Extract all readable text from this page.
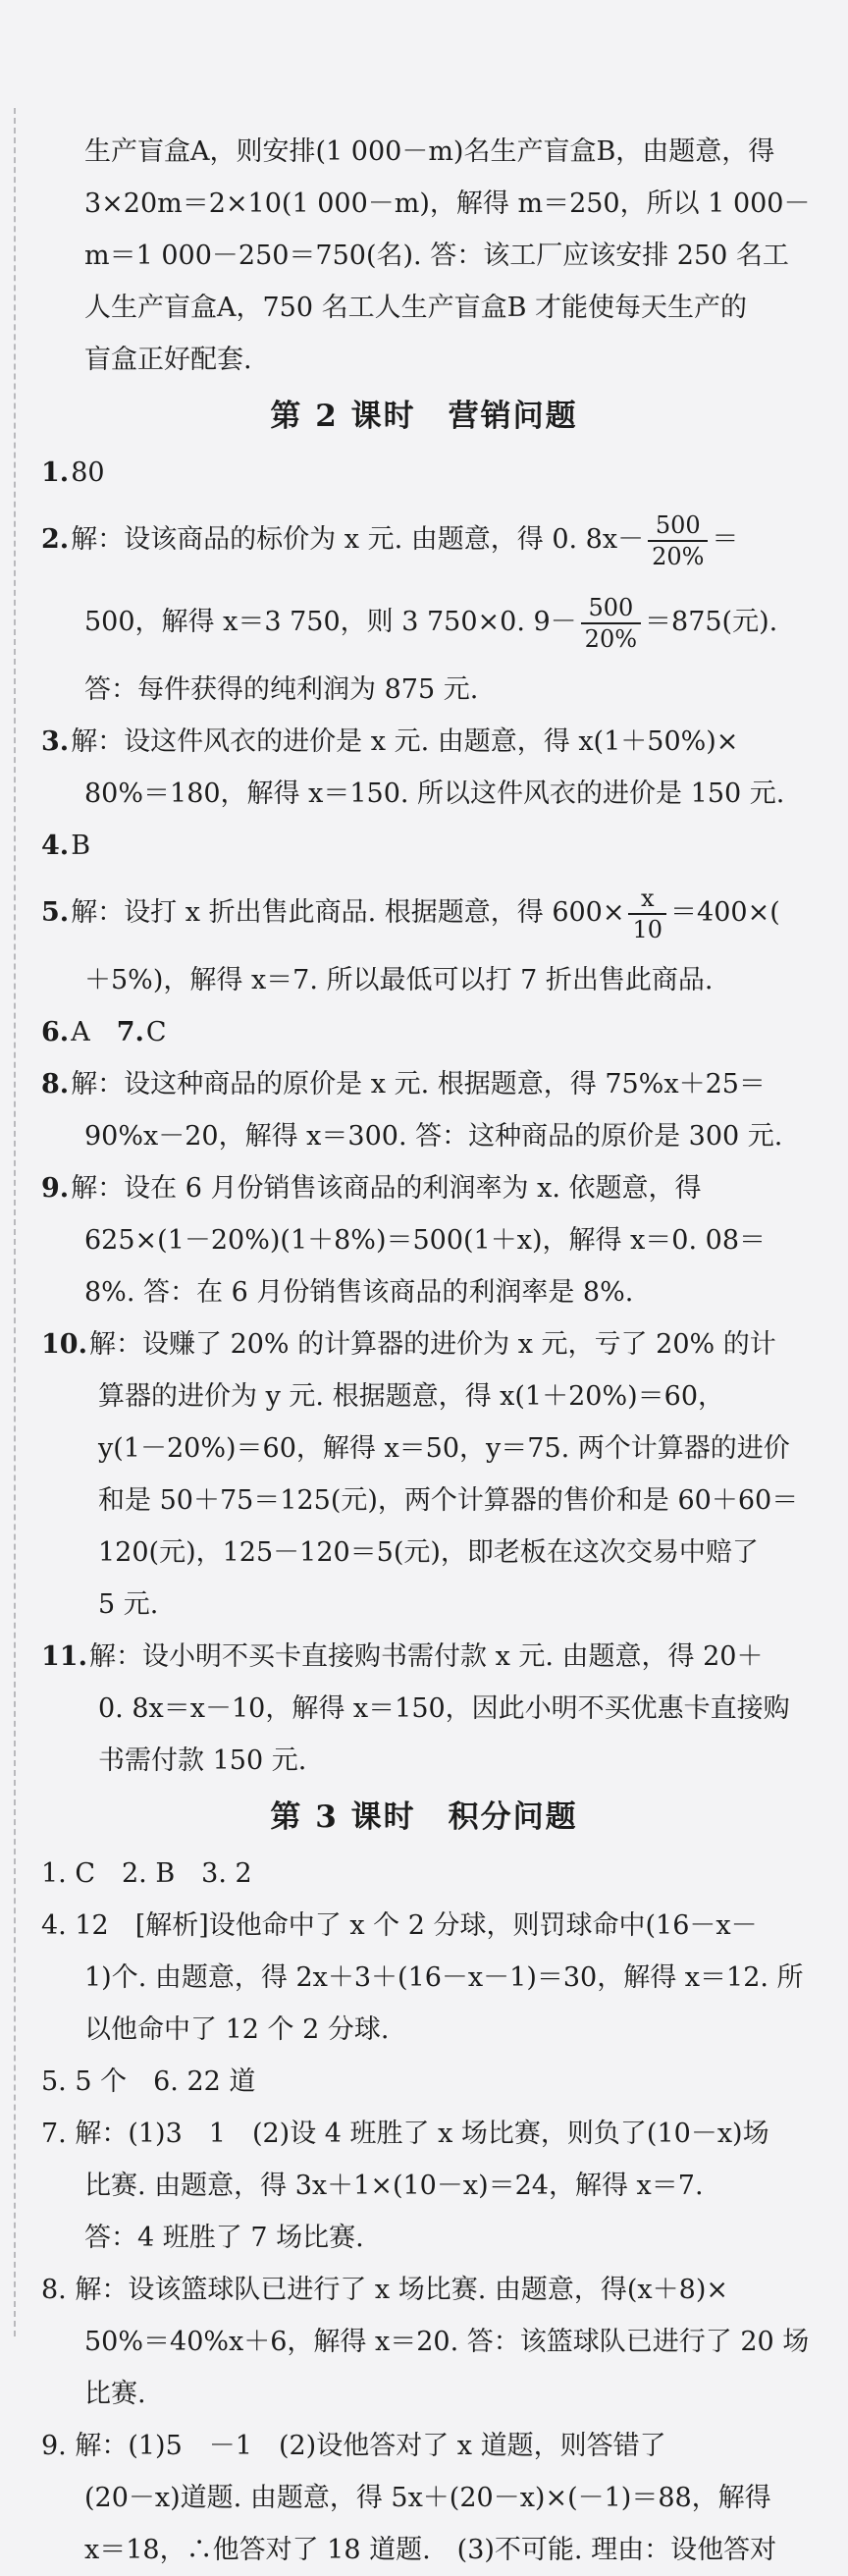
生产盲盒A，则安排(1 000－m)名生产盲盒B，由题意，得
3×20m＝2×10(1 000－m)，解得 m＝250，所以 1 000－
m＝1 000－250＝750(名). 答：该工厂应该安排 250 名工
人生产盲盒A，750 名工人生产盲盒B 才能使每天生产的
盲盒正好配套.
第 2 课时　营销问题
1.80
2.解：设该商品的标价为 x 元. 由题意，得 0. $8x- \frac{500}{20\%}$ ＝
500，解得 x＝3 750，则 3 750×0. $9- \frac{500}{20\%} =875$(元).
答：每件获得的纯利润为 875 元.
3.解：设这件风衣的进价是 x 元. 由题意，得 x(1＋50%)×
80%＝180，解得 x＝150. 所以这件风衣的进价是 150 元.
4.B
5.解：设打 x 折出售此商品. 根据题意，得 $600\times \frac{x}{10} =400\times$(
＋5%)，解得 x＝7. 所以最低可以打 7 折出售此商品.
6.A　7.C
8.解：设这种商品的原价是 x 元. 根据题意，得 75%x＋25＝
90%x－20，解得 x＝300. 答：这种商品的原价是 300 元.
9.解：设在 6 月份销售该商品的利润率为 x. 依题意，得
625×(1－20%)(1＋8%)＝500(1＋x)，解得 x＝0. 08＝
8%. 答：在 6 月份销售该商品的利润率是 8%.
10.解：设赚了 20% 的计算器的进价为 x 元，亏了 20% 的计
算器的进价为 y 元. 根据题意，得 x(1＋20%)＝60，
y(1－20%)＝60，解得 x＝50，y＝75. 两个计算器的进价
和是 50＋75＝125(元)，两个计算器的售价和是 60＋60＝
120(元)，125－120＝5(元)，即老板在这次交易中赔了
5 元.
11.解：设小明不买卡直接购书需付款 x 元. 由题意，得 20＋
0. 8x＝x－10，解得 x＝150，因此小明不买优惠卡直接购
书需付款 150 元.
第 3 课时　积分问题
1. C　2. B　3. 2
4. 12　[解析]设他命中了 x 个 2 分球，则罚球命中(16－x－
1)个. 由题意，得 2x＋3＋(16－x－1)＝30，解得 x＝12. 所
以他命中了 12 个 2 分球.
5. 5 个　6. 22 道
7. 解：(1)3　1　(2)设 4 班胜了 x 场比赛，则负了(10－x)场
比赛. 由题意，得 3x＋1×(10－x)＝24，解得 x＝7.
答：4 班胜了 7 场比赛.
8. 解：设该篮球队已进行了 x 场比赛. 由题意，得(x＋8)×
50%＝40%x＋6，解得 x＝20. 答：该篮球队已进行了 20 场
比赛.
9. 解：(1)5　－1　(2)设他答对了 x 道题，则答错了
(20－x)道题. 由题意，得 5x＋(20－x)×(－1)＝88，解得
x＝18，∴他答对了 18 道题.　(3)不可能. 理由：设他答对
